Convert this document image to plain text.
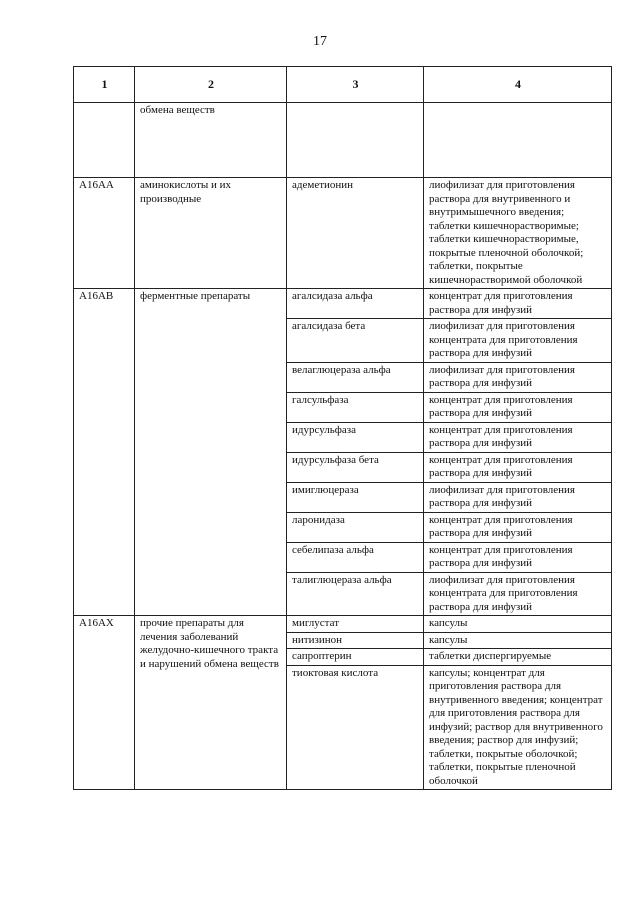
17
1	2	3	4
	обмена веществ		
A16AA	аминокислоты и их производные	адеметионин	лиофилизат для приготовления раствора для внутривенного и внутримышечного введения; таблетки кишечнорастворимые; таблетки кишечнорастворимые, покрытые пленочной оболочкой; таблетки, покрытые кишечнорастворимой оболочкой
A16AB	ферментные препараты	агалсидаза альфа	концентрат для приготовления раствора для инфузий
		агалсидаза бета	лиофилизат для приготовления концентрата для приготовления раствора для инфузий
		велаглюцераза альфа	лиофилизат для приготовления раствора для инфузий
		галсульфаза	концентрат для приготовления раствора для инфузий
		идурсульфаза	концентрат для приготовления раствора для инфузий
		идурсульфаза бета	концентрат для приготовления раствора для инфузий
		имиглюцераза	лиофилизат для приготовления раствора для инфузий
		ларонидаза	концентрат для приготовления раствора для инфузий
		себелипаза альфа	концентрат для приготовления раствора для инфузий
		талиглюцераза альфа	лиофилизат для приготовления концентрата для приготовления раствора для инфузий
A16AX	прочие препараты для лечения заболеваний желудочно-кишечного тракта и нарушений обмена веществ	миглустат	капсулы
		нитизинон	капсулы
		сапроптерин	таблетки диспергируемые
		тиоктовая кислота	капсулы; концентрат для приготовления раствора для внутривенного введения; концентрат для приготовления раствора для инфузий; раствор для внутривенного введения; раствор для инфузий; таблетки, покрытые оболочкой; таблетки, покрытые пленочной оболочкой
